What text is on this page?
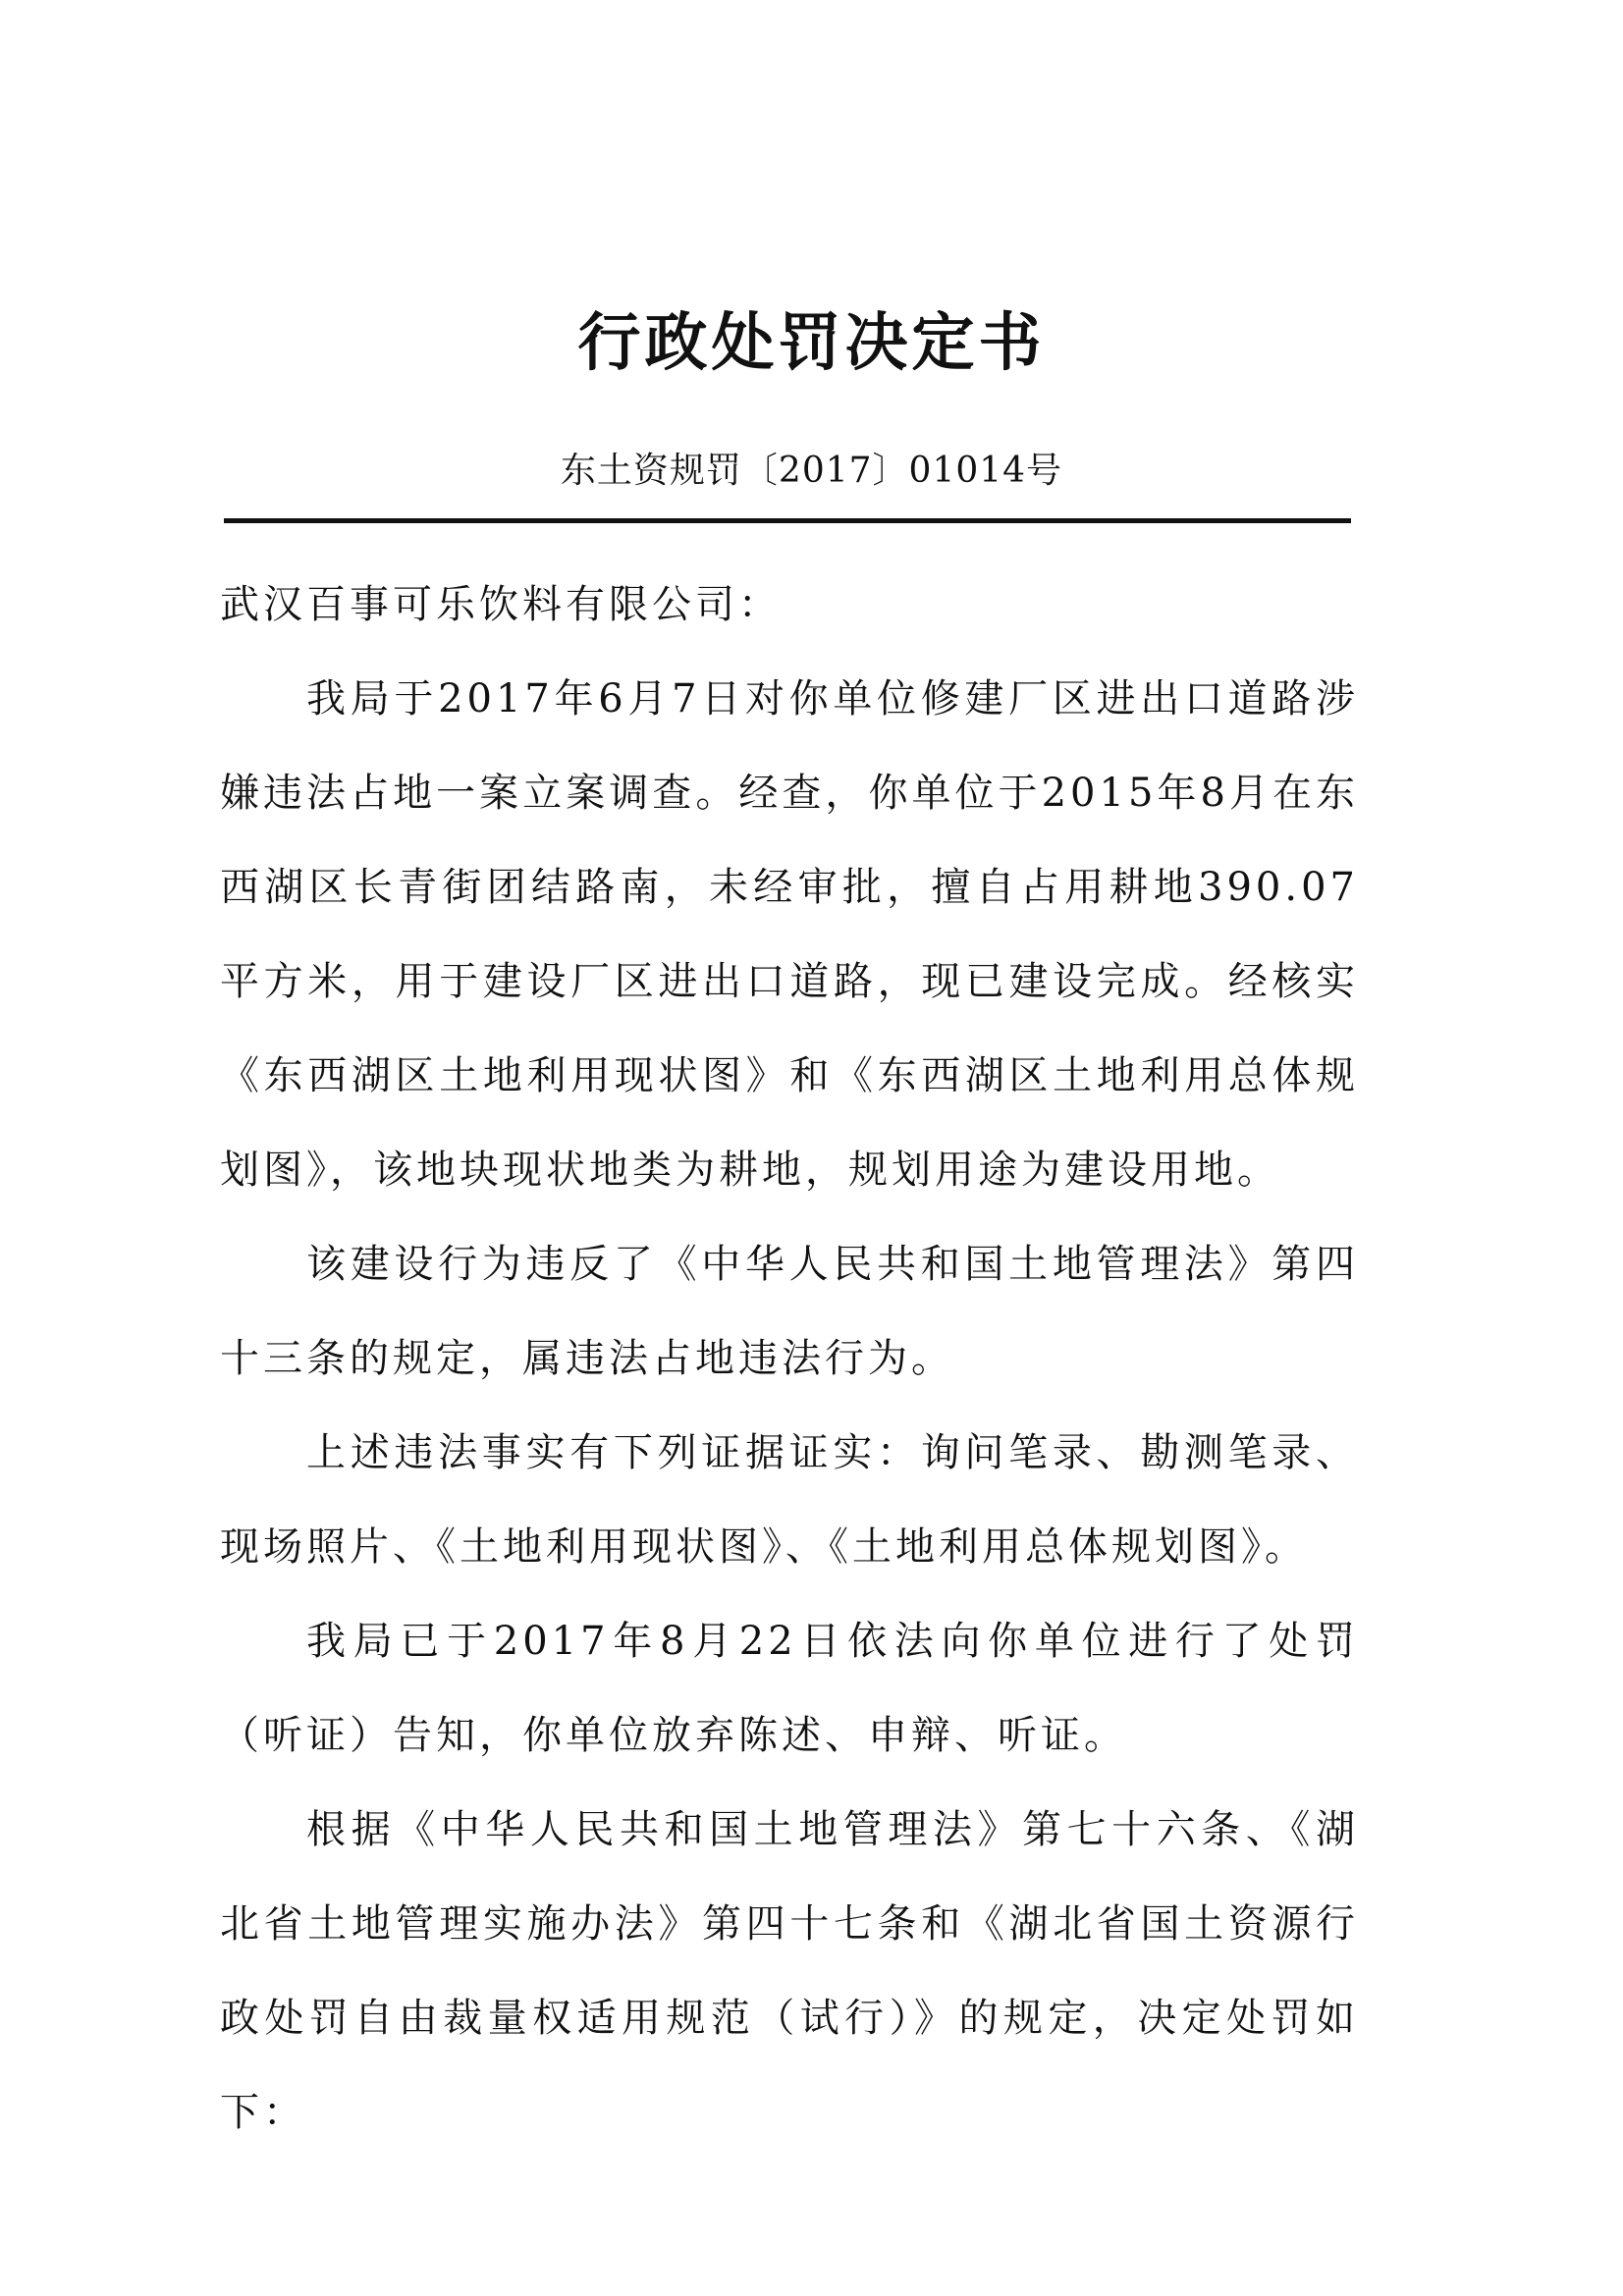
行政处罚决定书
东土资规罚〔2017〕01014号

武汉百事可乐饮料有限公司：

我局于2017年6月7日对你单位修建厂区进出口道路涉嫌违法占地一案立案调查。经查，你单位于2015年8月在东西湖区长青街团结路南，未经审批，擅自占用耕地390.07平方米，用于建设厂区进出口道路，现已建设完成。经核实《东西湖区土地利用现状图》和《东西湖区土地利用总体规划图》，该地块现状地类为耕地，规划用途为建设用地。

该建设行为违反了《中华人民共和国土地管理法》第四十三条的规定，属违法占地违法行为。

上述违法事实有下列证据证实：询问笔录、勘测笔录、现场照片、《土地利用现状图》、《土地利用总体规划图》。

我局已于2017年8月22日依法向你单位进行了处罚（听证）告知，你单位放弃陈述、申辩、听证。

根据《中华人民共和国土地管理法》第七十六条、《湖北省土地管理实施办法》第四十七条和《湖北省国土资源行政处罚自由裁量权适用规范（试行）》的规定，决定处罚如下：
